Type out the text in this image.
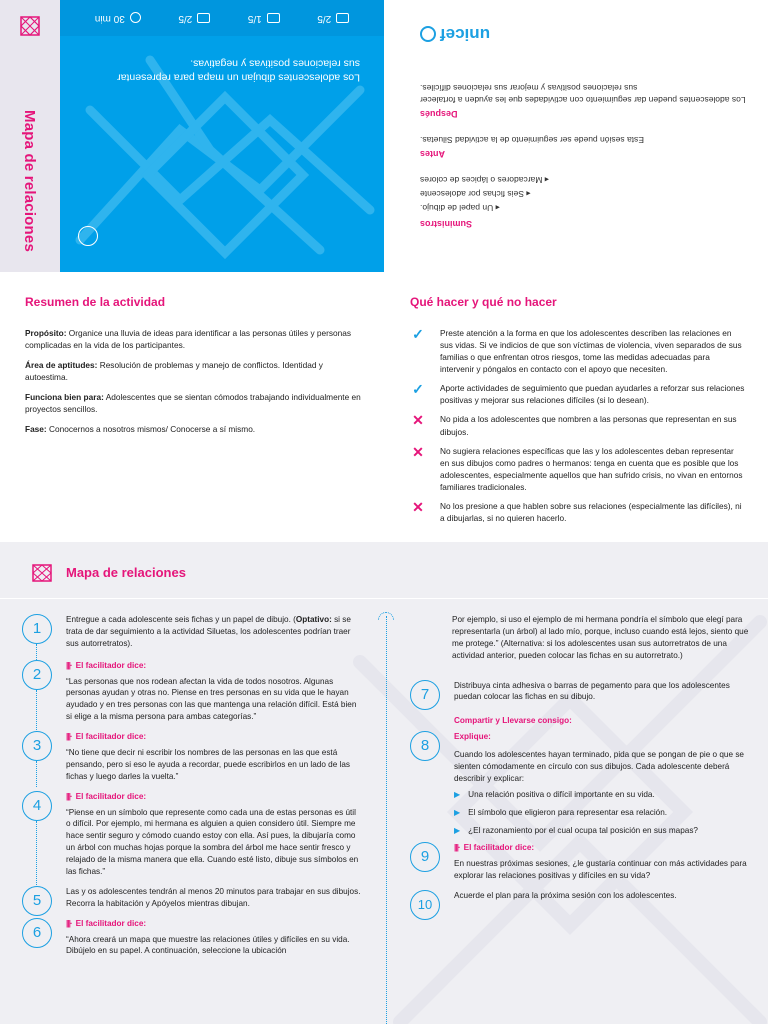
Mapa de relaciones
2/5
1/5
2/5
30 min
Los adolescentes dibujan un mapa para representar sus relaciones positivas y negativas.
Suministros
◂ Un papel de dibujo.
◂ Seis fichas por adolescente
◂ Marcadores o lápices de colores
Antes
Esta sesión puede ser seguimiento de la actividad Siluetas.
Después
Los adolescentes pueden dar seguimiento con actividades que les ayuden a fortalecer sus relaciones positivas y mejorar sus relaciones difíciles.
unicef
Resumen de la actividad
Propósito: Organice una lluvia de ideas para identificar a las personas útiles y personas complicadas en la vida de los participantes.
Área de aptitudes: Resolución de problemas y manejo de conflictos. Identidad y autoestima.
Funciona bien para: Adolescentes que se sientan cómodos trabajando individualmente en proyectos sencillos.
Fase: Conocernos a nosotros mismos/ Conocerse a sí mismo.
Qué hacer y qué no hacer
✓ Preste atención a la forma en que los adolescentes describen las relaciones en sus vidas. Si ve indicios de que son víctimas de violencia, viven separados de sus familias o que enfrentan otros riesgos, tome las medidas adecuadas para intervenir y póngalos en contacto con el apoyo que necesiten.
✓ Aporte actividades de seguimiento que puedan ayudarles a reforzar sus relaciones positivas y mejorar sus relaciones difíciles (si lo desean).
✕ No pida a los adolescentes que nombren a las personas que representan en sus dibujos.
✕ No sugiera relaciones específicas que las y los adolescentes deban representar en sus dibujos como padres o hermanos: tenga en cuenta que es posible que los adolescentes, especialmente aquellos que han sufrido crisis, no vivan en entornos familiares tradicionales.
✕ No los presione a que hablen sobre sus relaciones (especialmente las difíciles), ni a dibujarlas, si no quieren hacerlo.
Mapa de relaciones
1
Entregue a cada adolescente seis fichas y un papel de dibujo. (Optativo: si se trata de dar seguimiento a la actividad Siluetas, los adolescentes podrían traer sus autorretratos).
2
|||· El facilitador dice:
“Las personas que nos rodean afectan la vida de todos nosotros. Algunas personas ayudan y otras no. Piense en tres personas en su vida que le hayan ayudado y en tres personas con las que mantenga una relación difícil. Está bien si elige a la misma persona para ambas categorías.”
3
|||· El facilitador dice:
“No tiene que decir ni escribir los nombres de las personas en las que está pensando, pero si eso le ayuda a recordar, puede escribirlos en un lado de las fichas y luego darles la vuelta.”
4
|||· El facilitador dice:
“Piense en un símbolo que represente como cada una de estas personas es útil o difícil. Por ejemplo, mi hermana es alguien a quien considero útil. Siempre me hace sentir seguro y cómodo cuando estoy con ella. Así pues, la dibujaría como un árbol con muchas hojas porque la sombra del árbol me hace sentir fresco y relajado de la misma manera que ella. Cuando esté listo, dibuje sus símbolos en las fichas.”
5
Las y os adolescentes tendrán al menos 20 minutos para trabajar en sus dibujos. Recorra la habitación y Apóyelos mientras dibujan.
6
|||· El facilitador dice:
“Ahora creará un mapa que muestre las relaciones útiles y difíciles en su vida. Dibújelo en su papel. A continuación, seleccione la ubicación
Por ejemplo, si uso el ejemplo de mi hermana pondría el símbolo que elegí para representarla (un árbol) al lado mío, porque, incluso cuando está lejos, siento que me protege.” (Alternativa: si los adolescentes usan sus autorretratos de una actividad anterior, pueden colocar las fichas en su autorretrato.)
7
Distribuya cinta adhesiva o barras de pegamento para que los adolescentes puedan colocar las fichas en su dibujo.
Compartir y Llevarse consigo:
8
Explique:
Cuando los adolescentes hayan terminado, pida que se pongan de pie o que se sienten cómodamente en círculo con sus dibujos. Cada adolescente deberá describir y explicar:
▶ Una relación positiva o difícil importante en su vida.
▶ El símbolo que eligieron para representar esa relación.
▶ ¿El razonamiento por el cual ocupa tal posición en sus mapas?
9
|||· El facilitador dice:
En nuestras próximas sesiones, ¿le gustaría continuar con más actividades para explorar las relaciones positivas y difíciles en su vida?
10
Acuerde el plan para la próxima sesión con los adolescentes.
